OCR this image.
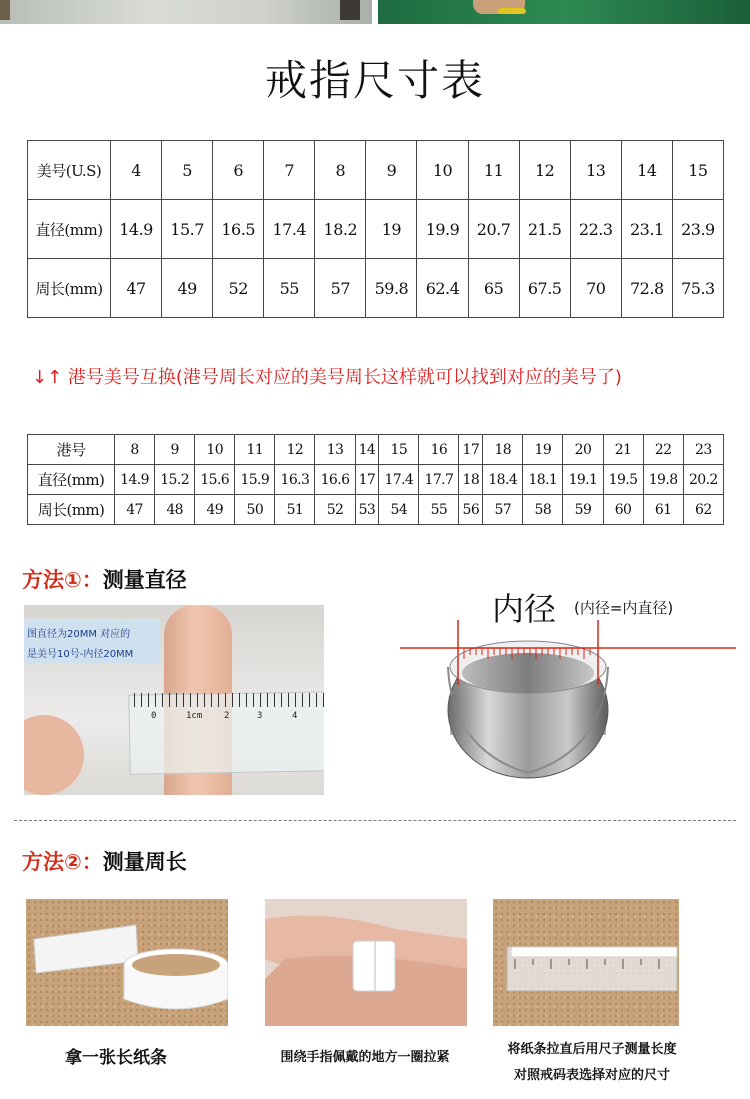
戒指尺寸表
美号(U.S)	4	5	6	7	8	9	10	11	12	13	14	15
直径(mm)	14.9	15.7	16.5	17.4	18.2	19	19.9	20.7	21.5	22.3	23.1	23.9
周长(mm)	47	49	52	55	57	59.8	62.4	65	67.5	70	72.8	75.3
↓↑ 港号美号互换(港号周长对应的美号周长这样就可以找到对应的美号了)
港号	8	9	10	11	12	13	14	15	16	17	18	19	20	21	22	23
直径(mm)	14.9	15.2	15.6	15.9	16.3	16.6	17	17.4	17.7	18	18.4	18.1	19.1	19.5	19.8	20.2
周长(mm)	47	48	49	50	51	52	53	54	55	56	57	58	59	60	61	62
方法①：测量直径
0	1cm 2	3	4
图直径为20MM 对应的
是美号10号-内径20MM
内径 (内径=内直径)
方法②：测量周长
拿一张长纸条	围绕手指佩戴的地方一圈拉紧
将纸条拉直后用尺子测量长度
对照戒码表选择对应的尺寸
